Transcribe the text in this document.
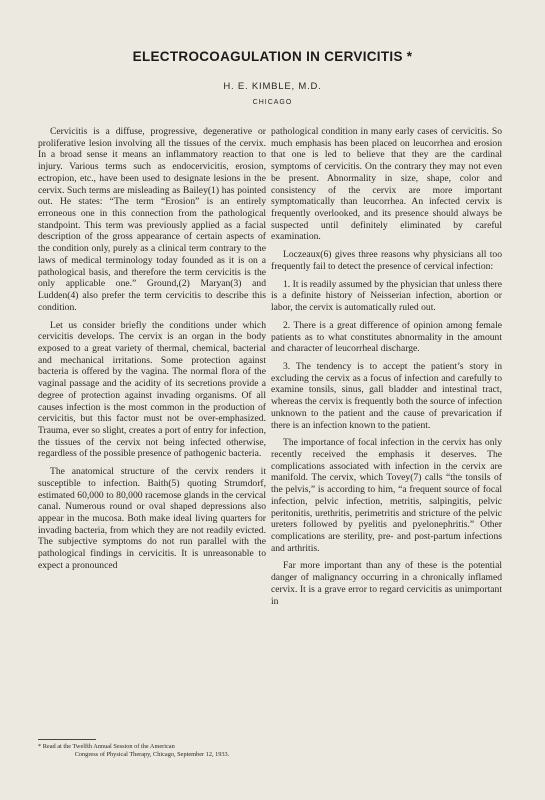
ELECTROCOAGULATION IN CERVICITIS *
H. E. KIMBLE, M.D.
CHICAGO

Cervicitis is a diffuse, progressive, degenerative or proliferative lesion involving all the tissues of the cervix. In a broad sense it means an inflammatory reaction to injury. Various terms such as endocervicitis, erosion, ectropion, etc., have been used to designate lesions in the cervix. Such terms are misleading as Bailey(1) has pointed out. He states: “The term “Erosion” is an entirely erroneous one in this connection from the pathological standpoint. This term was previously applied as a facial description of the gross appearance of certain aspects of the condition only, purely as a clinical term contrary to the laws of medical terminology today founded as it is on a pathological basis, and therefore the term cervicitis is the only applicable one.” Ground,(2) Maryan(3) and Ludden(4) also prefer the term cervicitis to describe this condition.

Let us consider briefly the conditions under which cervicitis develops. The cervix is an organ in the body exposed to a great variety of thermal, chemical, bacterial and mechanical irritations. Some protection against bacteria is offered by the vagina. The normal flora of the vaginal passage and the acidity of its secretions provide a degree of protection against invading organisms. Of all causes infection is the most common in the production of cervicitis, but this factor must not be over-emphasized. Trauma, ever so slight, creates a port of entry for infection, the tissues of the cervix not being infected otherwise, regardless of the possible presence of pathogenic bacteria.

The anatomical structure of the cervix renders it susceptible to infection. Baith(5) quoting Strumdorf, estimated 60,000 to 80,000 racemose glands in the cervical canal. Numerous round or oval shaped depressions also appear in the mucosa. Both make ideal living quarters for invading bacteria, from which they are not readily evicted. The subjective symptoms do not run parallel with the pathological findings in cervicitis. It is unreasonable to expect a pronounced

pathological condition in many early cases of cervicitis. So much emphasis has been placed on leucorrhea and erosion that one is led to believe that they are the cardinal symptoms of cervicitis. On the contrary they may not even be present. Abnormality in size, shape, color and consistency of the cervix are more important symptomatically than leucorrhea. An infected cervix is frequently overlooked, and its presence should always be suspected until definitely eliminated by careful examination.

Loczeaux(6) gives three reasons why physicians all too frequently fail to detect the presence of cervical infection:

1. It is readily assumed by the physician that unless there is a definite history of Neisserian infection, abortion or labor, the cervix is automatically ruled out.

2. There is a great difference of opinion among female patients as to what constitutes abnormality in the amount and character of leucorrheal discharge.

3. The tendency is to accept the patient’s story in excluding the cervix as a focus of infection and carefully to examine tonsils, sinus, gall bladder and intestinal tract, whereas the cervix is frequently both the source of infection unknown to the patient and the cause of prevarication if there is an infection known to the patient.

The importance of focal infection in the cervix has only recently received the emphasis it deserves. The complications associated with infection in the cervix are manifold. The cervix, which Tovey(7) calls “the tonsils of the pelvis,” is according to him, “a frequent source of focal infection, pelvic infection, metritis, salpingitis, pelvic peritonitis, urethritis, perimetritis and stricture of the pelvic ureters followed by pyelitis and pyelonephritis.” Other complications are sterility, pre- and post-partum infections and arthritis.

Far more important than any of these is the potential danger of malignancy occurring in a chronically inflamed cervix. It is a grave error to regard cervicitis as unimportant in

* Read at the Twelfth Annual Session of the American
Congress of Physical Therapy, Chicago, September 12, 1933.
